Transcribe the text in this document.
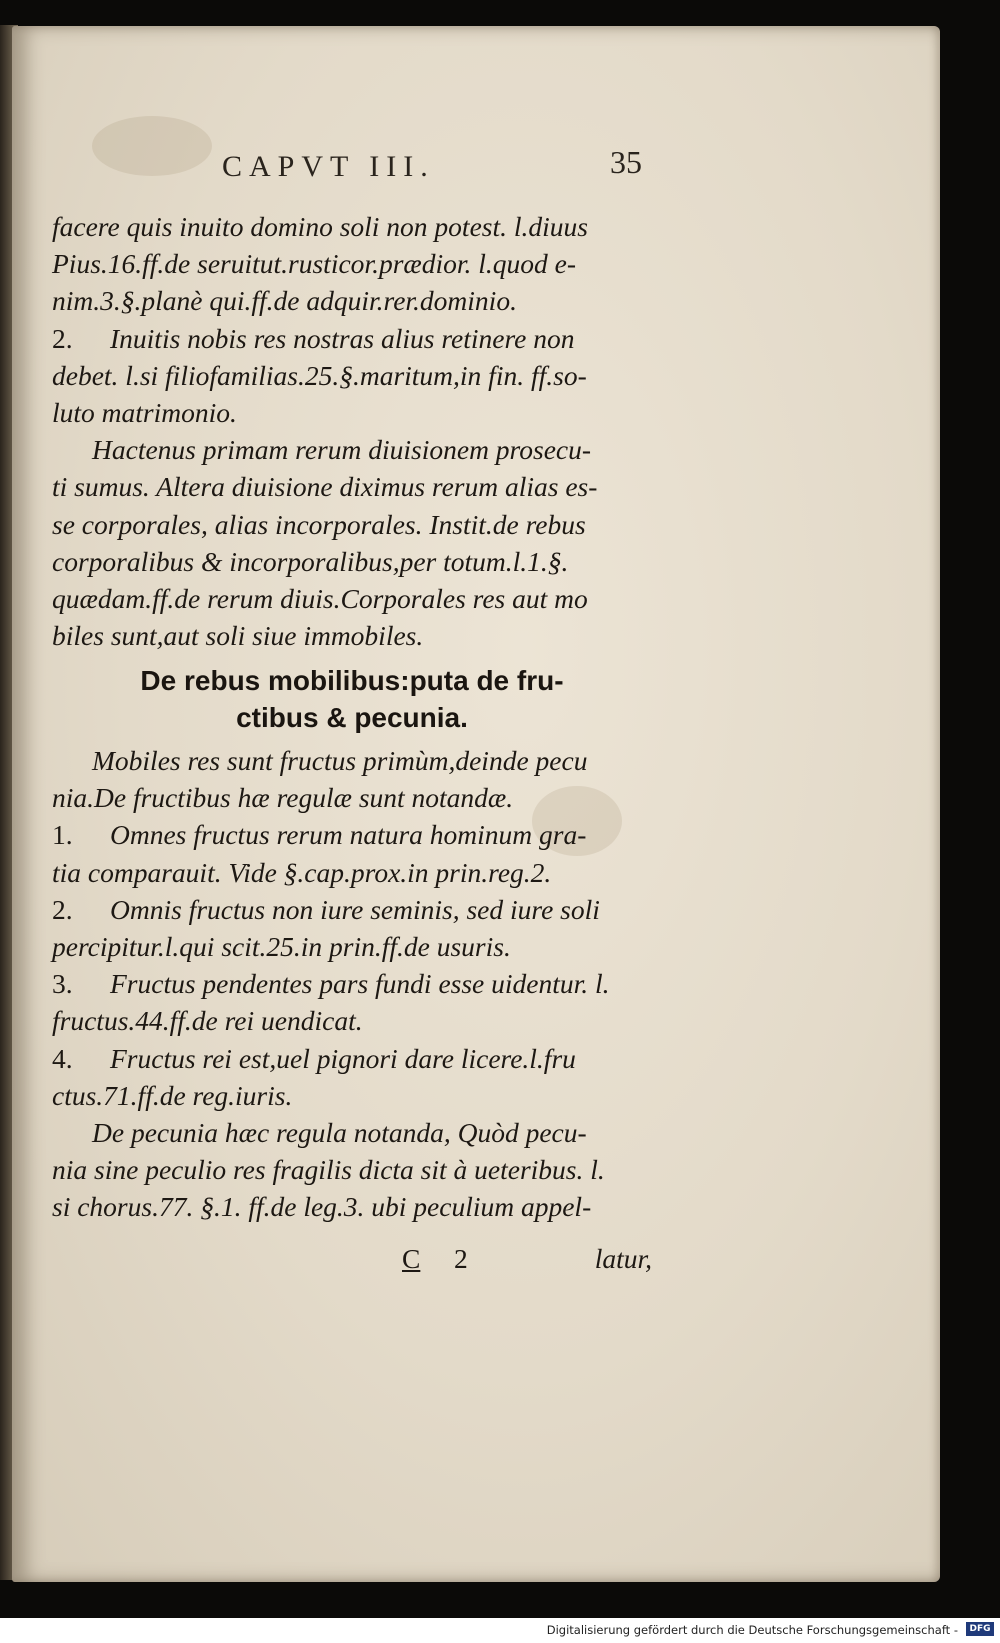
CAPVT III.	35
facere quis inuito domino soli non potest. l.diuus
Pius.16.ff.de seruitut.rusticor.prædior. l.quod e-
nim.3.§.planè qui.ff.de adquir.rer.dominio.
2. Inuitis nobis res nostras alius retinere non
debet. l.si filiofamilias.25.§.maritum,in fin. ff.so-
luto matrimonio.
Hactenus primam rerum diuisionem prosecu-
ti sumus. Altera diuisione diximus rerum alias es-
se corporales, alias incorporales. Instit.de rebus
corporalibus & incorporalibus,per totum.l.1.§.
quædam.ff.de rerum diuis.Corporales res aut mo
biles sunt,aut soli siue immobiles.
De rebus mobilibus:puta de fru-
ctibus & pecunia.
Mobiles res sunt fructus primùm,deinde pecu
nia.De fructibus hæ regulæ sunt notandæ.
1. Omnes fructus rerum natura hominum gra-
tia comparauit. Vide §.cap.prox.in prin.reg.2.
2. Omnis fructus non iure seminis, sed iure soli
percipitur.l.qui scit.25.in prin.ff.de usuris.
3. Fructus pendentes pars fundi esse uidentur. l.
fructus.44.ff.de rei uendicat.
4. Fructus rei est,uel pignori dare licere.l.fru
ctus.71.ff.de reg.iuris.
De pecunia hæc regula notanda, Quòd pecu-
nia sine peculio res fragilis dicta sit à ueteribus. l.
si chorus.77. §.1. ff.de leg.3. ubi peculium appel-
C 2	latur,
Digitalisierung gefördert durch die Deutsche Forschungsgemeinschaft -	DFG
